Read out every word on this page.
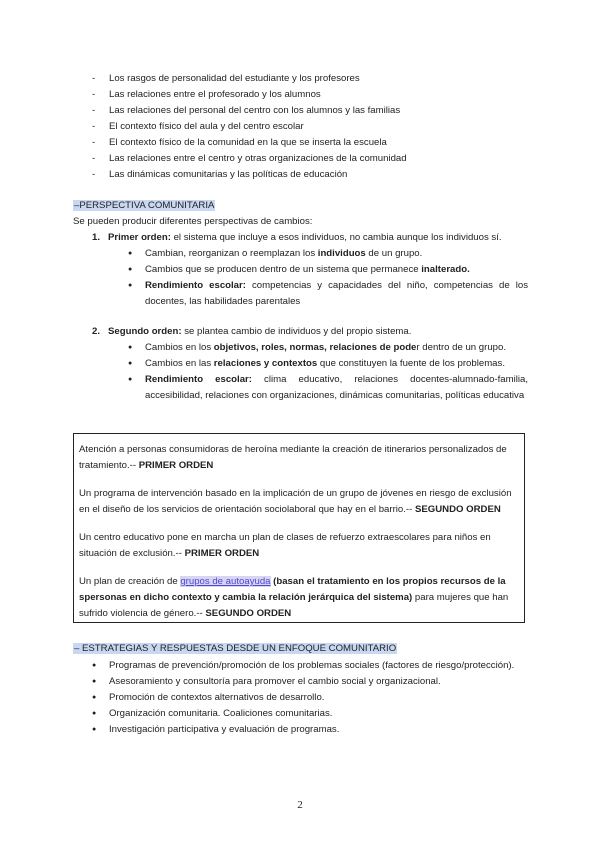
- Los rasgos de personalidad del estudiante y los profesores
- Las relaciones entre el profesorado y los alumnos
- Las relaciones del personal del centro con los alumnos y las familias
- El contexto físico del aula y del centro escolar
- El contexto físico de la comunidad en la que se inserta la escuela
- Las relaciones entre el centro y otras organizaciones de la comunidad
- Las dinámicas comunitarias y las políticas de educación
–PERSPECTIVA COMUNITARIA
Se pueden producir diferentes perspectivas de cambios:
1. Primer orden: el sistema que incluye a esos individuos, no cambia aunque los individuos sí.
● Cambian, reorganizan o reemplazan los individuos de un grupo.
● Cambios que se producen dentro de un sistema que permanece inalterado.
● Rendimiento escolar: competencias y capacidades del niño, competencias de los docentes, las habilidades parentales
2. Segundo orden: se plantea cambio de individuos y del propio sistema.
● Cambios en los objetivos, roles, normas, relaciones de poder dentro de un grupo.
● Cambios en las relaciones y contextos que constituyen la fuente de los problemas.
● Rendimiento escolar: clima educativo, relaciones docentes-alumnado-familia, accesibilidad, relaciones con organizaciones, dinámicas comunitarias, políticas educativa

Atención a personas consumidoras de heroína mediante la creación de itinerarios personalizados de tratamiento.-- PRIMER ORDEN

Un programa de intervención basado en la implicación de un grupo de jóvenes en riesgo de exclusión en el diseño de los servicios de orientación sociolaboral que hay en el barrio.-- SEGUNDO ORDEN

Un centro educativo pone en marcha un plan de clases de refuerzo extraescolares para niños en situación de exclusión.-- PRIMER ORDEN

Un plan de creación de grupos de autoayuda (basan el tratamiento en los propios recursos de la spersonas en dicho contexto y cambia la relación jerárquica del sistema) para mujeres que han sufrido violencia de género.-- SEGUNDO ORDEN

– ESTRATEGIAS Y RESPUESTAS DESDE UN ENFOQUE COMUNITARIO
● Programas de prevención/promoción de los problemas sociales (factores de riesgo/protección).
● Asesoramiento y consultoría para promover el cambio social y organizacional.
● Promoción de contextos alternativos de desarrollo.
● Organización comunitaria. Coaliciones comunitarias.
● Investigación participativa y evaluación de programas.
2
